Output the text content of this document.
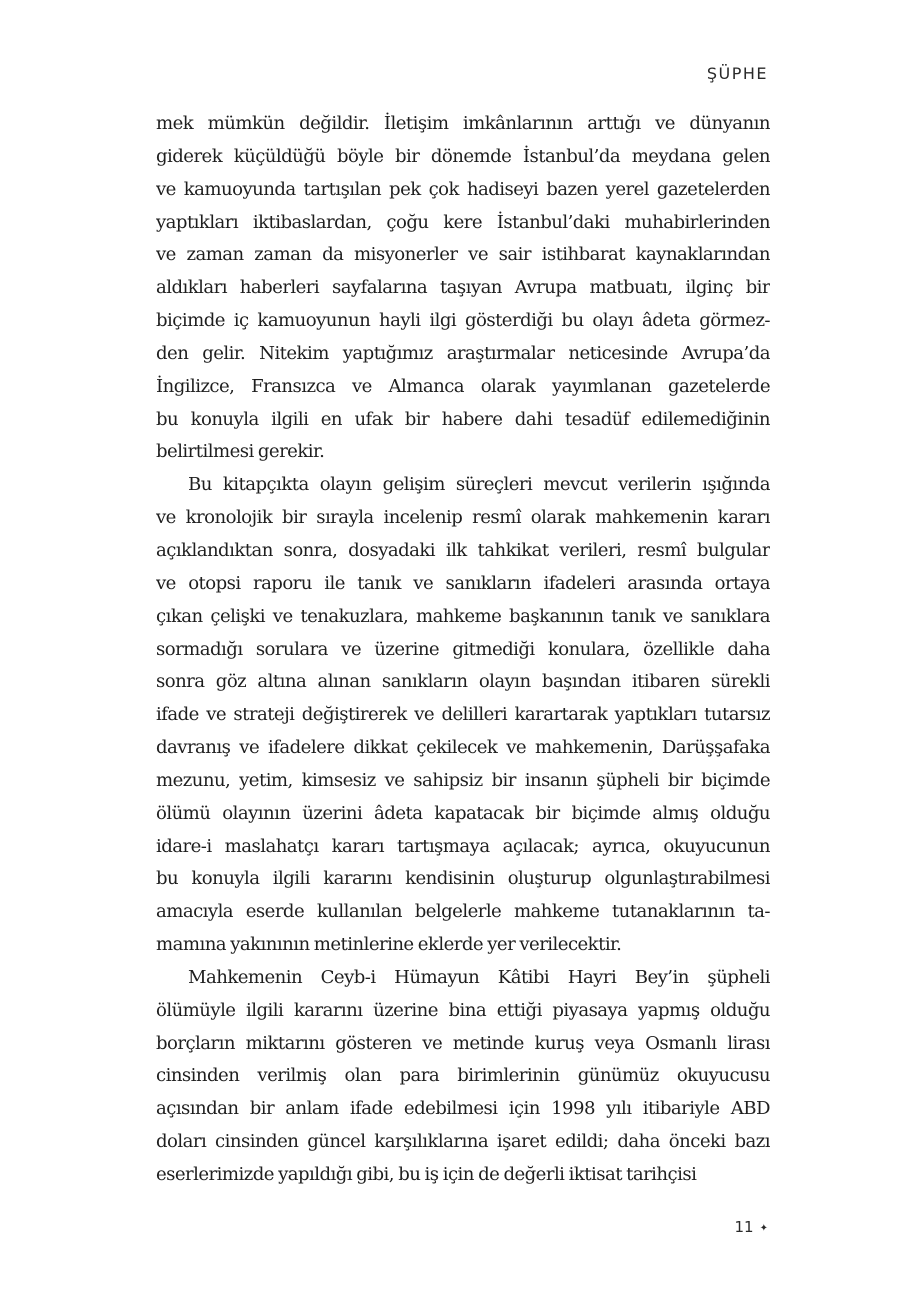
ŞÜPHE
mek mümkün değildir. İletişim imkânlarının arttığı ve dünyanın
giderek küçüldüğü böyle bir dönemde İstanbul’da meydana gelen
ve kamuoyunda tartışılan pek çok hadiseyi bazen yerel gazetelerden
yaptıkları iktibaslardan, çoğu kere İstanbul’daki muhabirlerinden
ve zaman zaman da misyonerler ve sair istihbarat kaynaklarından
aldıkları haberleri sayfalarına taşıyan Avrupa matbuatı, ilginç bir
biçimde iç kamuoyunun hayli ilgi gösterdiği bu olayı âdeta görmez-
den gelir. Nitekim yaptığımız araştırmalar neticesinde Avrupa’da
İngilizce, Fransızca ve Almanca olarak yayımlanan gazetelerde
bu konuyla ilgili en ufak bir habere dahi tesadüf edilemediğinin
belirtilmesi gerekir.
Bu kitapçıkta olayın gelişim süreçleri mevcut verilerin ışığında
ve kronolojik bir sırayla incelenip resmî olarak mahkemenin kararı
açıklandıktan sonra, dosyadaki ilk tahkikat verileri, resmî bulgular
ve otopsi raporu ile tanık ve sanıkların ifadeleri arasında ortaya
çıkan çelişki ve tenakuzlara, mahkeme başkanının tanık ve sanıklara
sormadığı sorulara ve üzerine gitmediği konulara, özellikle daha
sonra göz altına alınan sanıkların olayın başından itibaren sürekli
ifade ve strateji değiştirerek ve delilleri karartarak yaptıkları tutarsız
davranış ve ifadelere dikkat çekilecek ve mahkemenin, Darüşşafaka
mezunu, yetim, kimsesiz ve sahipsiz bir insanın şüpheli bir biçimde
ölümü olayının üzerini âdeta kapatacak bir biçimde almış olduğu
idare-i maslahatçı kararı tartışmaya açılacak; ayrıca, okuyucunun
bu konuyla ilgili kararını kendisinin oluşturup olgunlaştırabilmesi
amacıyla eserde kullanılan belgelerle mahkeme tutanaklarının ta-
mamına yakınının metinlerine eklerde yer verilecektir.
Mahkemenin Ceyb-i Hümayun Kâtibi Hayri Bey’in şüpheli
ölümüyle ilgili kararını üzerine bina ettiği piyasaya yapmış olduğu
borçların miktarını gösteren ve metinde kuruş veya Osmanlı lirası
cinsinden verilmiş olan para birimlerinin günümüz okuyucusu
açısından bir anlam ifade edebilmesi için 1998 yılı itibariyle ABD
doları cinsinden güncel karşılıklarına işaret edildi; daha önceki bazı
eserlerimizde yapıldığı gibi, bu iş için de değerli iktisat tarihçisi
11 ✦
